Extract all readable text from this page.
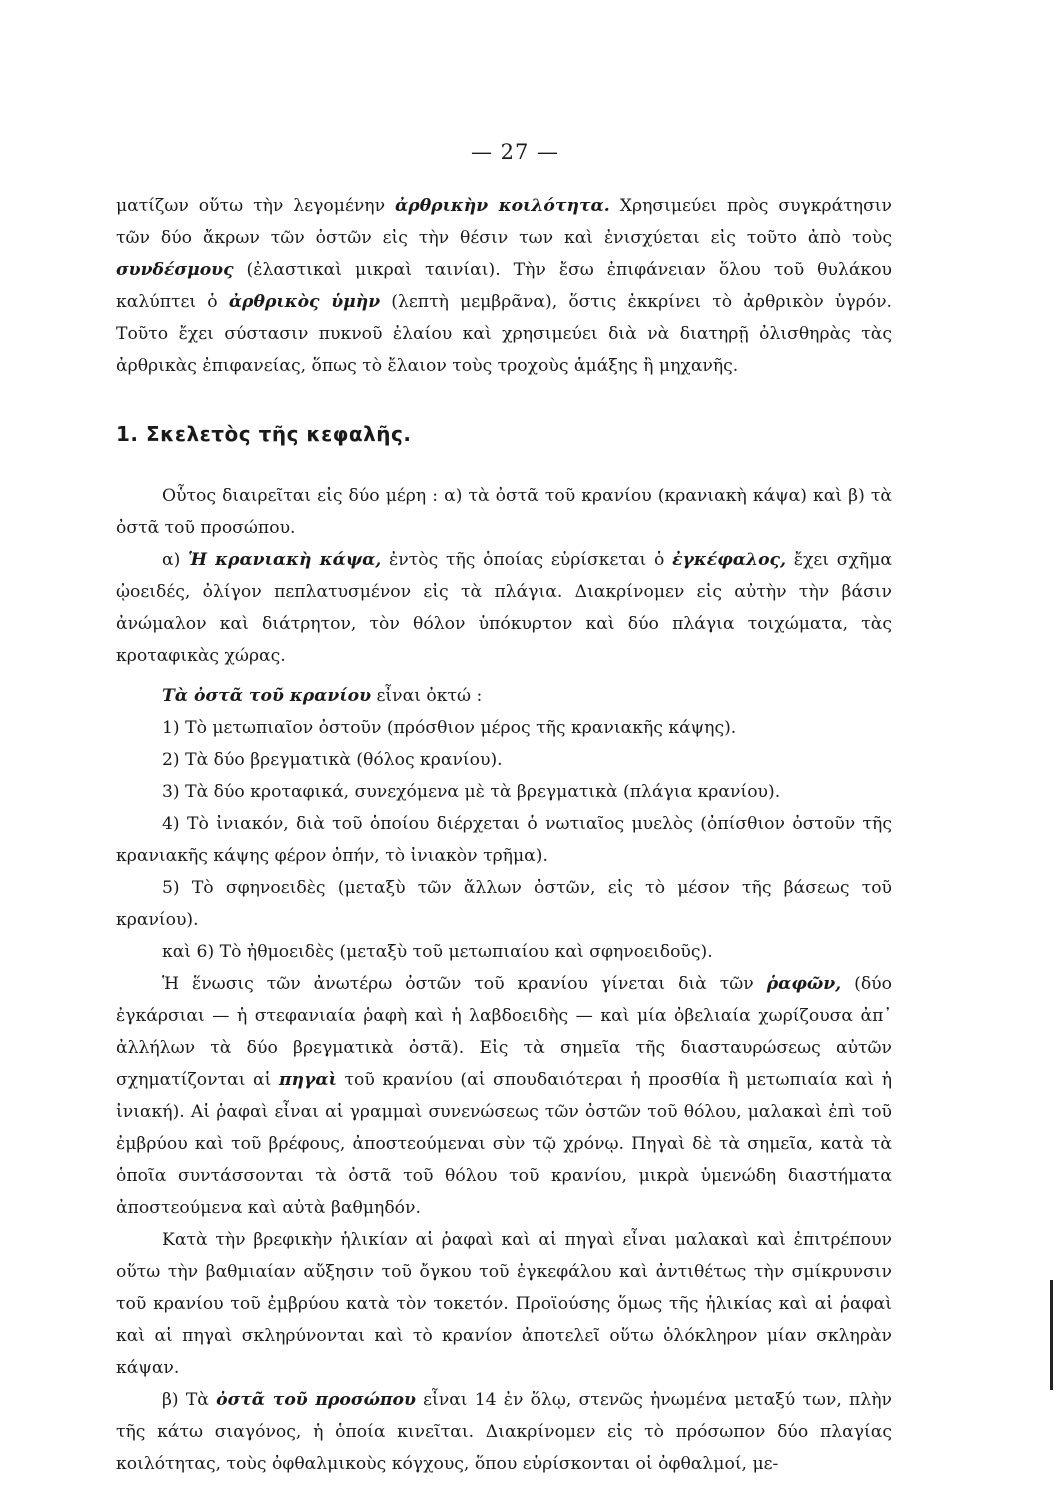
— 27 —

ματίζων οὕτω τὴν λεγομένην ἀρθρικὴν κοιλότητα. Χρησιμεύει πρὸς συγκράτησιν τῶν δύο ἄκρων τῶν ὀστῶν εἰς τὴν θέσιν των καὶ ἐνισχύεται εἰς τοῦτο ἀπὸ τοὺς συνδέσμους (ἐλαστικαὶ μικραὶ ταινίαι). Τὴν ἔσω ἐπιφάνειαν ὅλου τοῦ θυλάκου καλύπτει ὁ ἀρθρικὸς ὑμὴν (λεπτὴ μεμβρᾶνα), ὅστις ἐκκρίνει τὸ ἀρθρικὸν ὑγρόν. Τοῦτο ἔχει σύστασιν πυκνοῦ ἐλαίου καὶ χρησιμεύει διὰ νὰ διατηρῇ ὀλισθηρὰς τὰς ἀρθρικὰς ἐπιφανείας, ὅπως τὸ ἔλαιον τοὺς τροχοὺς ἁμάξης ἢ μηχανῆς.

1. Σκελετὸς τῆς κεφαλῆς.

Οὗτος διαιρεῖται εἰς δύο μέρη : α) τὰ ὀστᾶ τοῦ κρανίου (κρανιακὴ κάψα) καὶ β) τὰ ὀστᾶ τοῦ προσώπου.

α) Ἡ κρανιακὴ κάψα, ἐντὸς τῆς ὁποίας εὑρίσκεται ὁ ἐγκέφαλος, ἔχει σχῆμα ᾠοειδές, ὀλίγον πεπλατυσμένον εἰς τὰ πλάγια. Διακρίνομεν εἰς αὐτὴν τὴν βάσιν ἀνώμαλον καὶ διάτρητον, τὸν θόλον ὑπόκυρτον καὶ δύο πλάγια τοιχώματα, τὰς κροταφικὰς χώρας.

Τὰ ὀστᾶ τοῦ κρανίου εἶναι ὀκτώ :

1) Τὸ μετωπιαῖον ὀστοῦν (πρόσθιον μέρος τῆς κρανιακῆς κάψης).

2) Τὰ δύο βρεγματικὰ (θόλος κρανίου).

3) Τὰ δύο κροταφικά, συνεχόμενα μὲ τὰ βρεγματικὰ (πλάγια κρανίου).

4) Τὸ ἰνιακόν, διὰ τοῦ ὁποίου διέρχεται ὁ νωτιαῖος μυελὸς (ὀπίσθιον ὀστοῦν τῆς κρανιακῆς κάψης φέρον ὀπήν, τὸ ἰνιακὸν τρῆμα).

5) Τὸ σφηνοειδὲς (μεταξὺ τῶν ἄλλων ὀστῶν, εἰς τὸ μέσον τῆς βάσεως τοῦ κρανίου).

καὶ 6) Τὸ ἠθμοειδὲς (μεταξὺ τοῦ μετωπιαίου καὶ σφηνοειδοῦς).

Ἡ ἕνωσις τῶν ἀνωτέρω ὀστῶν τοῦ κρανίου γίνεται διὰ τῶν ῥαφῶν, (δύο ἐγκάρσιαι — ἡ στεφανιαία ῥαφὴ καὶ ἡ λαβδοειδὴς — καὶ μία ὀβελιαία χωρίζουσα ἀπ᾿ ἀλλήλων τὰ δύο βρεγματικὰ ὀστᾶ). Εἰς τὰ σημεῖα τῆς διασταυρώσεως αὐτῶν σχηματίζονται αἱ πηγαὶ τοῦ κρανίου (αἱ σπουδαιότεραι ἡ προσθία ἢ μετωπιαία καὶ ἡ ἰνιακή). Αἱ ῥαφαὶ εἶναι αἱ γραμμαὶ συνενώσεως τῶν ὀστῶν τοῦ θόλου, μαλακαὶ ἐπὶ τοῦ ἐμβρύου καὶ τοῦ βρέφους, ἀποστεούμεναι σὺν τῷ χρόνῳ. Πηγαὶ δὲ τὰ σημεῖα, κατὰ τὰ ὁποῖα συντάσσονται τὰ ὀστᾶ τοῦ θόλου τοῦ κρανίου, μικρὰ ὑμενώδη διαστήματα ἀποστεούμενα καὶ αὐτὰ βαθμηδόν.

Κατὰ τὴν βρεφικὴν ἡλικίαν αἱ ῥαφαὶ καὶ αἱ πηγαὶ εἶναι μαλακαὶ καὶ ἐπιτρέπουν οὕτω τὴν βαθμιαίαν αὔξησιν τοῦ ὄγκου τοῦ ἐγκεφάλου καὶ ἀντιθέτως τὴν σμίκρυνσιν τοῦ κρανίου τοῦ ἐμβρύου κατὰ τὸν τοκετόν. Προϊούσης ὅμως τῆς ἡλικίας καὶ αἱ ῥαφαὶ καὶ αἱ πηγαὶ σκληρύνονται καὶ τὸ κρανίον ἀποτελεῖ οὕτω ὁλόκληρον μίαν σκληρὰν κάψαν.

β) Τὰ ὀστᾶ τοῦ προσώπου εἶναι 14 ἐν ὅλῳ, στενῶς ἡνωμένα μεταξύ των, πλὴν τῆς κάτω σιαγόνος, ἡ ὁποία κινεῖται. Διακρίνομεν εἰς τὸ πρόσωπον δύο πλαγίας κοιλότητας, τοὺς ὀφθαλμικοὺς κόγχους, ὅπου εὑρίσκονται οἱ ὀφθαλμοί, με-
